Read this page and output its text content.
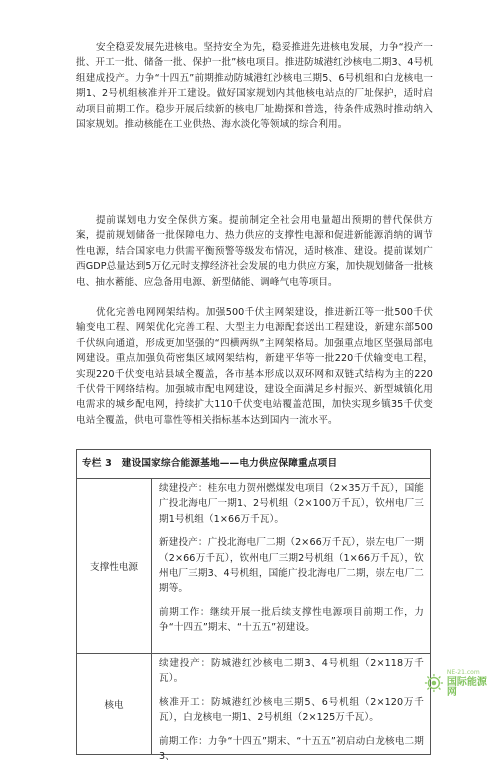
安全稳妥发展先进核电。坚持安全为先，稳妥推进先进核电发展，力争“投产一批、开工一批、储备一批、保护一批”核电项目。推进防城港红沙核电二期3、4号机组建成投产。力争“十四五”前期推动防城港红沙核电三期5、6号机组和白龙核电一期1、2号机组核准并开工建设。做好国家规划内其他核电站点的厂址保护，适时启动项目前期工作。稳步开展后续新的核电厂址勘探和普选，待条件成熟时推动纳入国家规划。推动核能在工业供热、海水淡化等领域的综合利用。

提前谋划电力安全保供方案。提前制定全社会用电量超出预期的替代保供方案，提前规划储备一批保障电力、热力供应的支撑性电源和促进新能源消纳的调节性电源，结合国家电力供需平衡预警等级发布情况，适时核准、建设。提前谋划广西GDP总量达到5万亿元时支撑经济社会发展的电力供应方案，加快规划储备一批核电、抽水蓄能、应急备用电源、新型储能、调峰气电等项目。

优化完善电网网架结构。加强500千伏主网架建设，推进新江等一批500千伏输变电工程、网架优化完善工程、大型主力电源配套送出工程建设，新建东部500千伏纵向通道，形成更加坚强的“四横两纵”主网架格局。加强重点地区坚强局部电网建设。重点加强负荷密集区域网架结构，新建平华等一批220千伏输变电工程，实现220千伏变电站县域全覆盖，各市基本形成以双环网和双链式结构为主的220千伏骨干网络结构。加强城市配电网建设，建设全面满足乡村振兴、新型城镇化用电需求的城乡配电网，持续扩大110千伏变电站覆盖范围，加快实现乡镇35千伏变电站全覆盖，供电可靠性等相关指标基本达到国内一流水平。

专栏 3　建设国家综合能源基地——电力供应保障重点项目
支撑性电源

续建投产：桂东电力贺州燃煤发电项目（2×35万千瓦），国能广投北海电厂一期1、2号机组（2×100万千瓦），钦州电厂三期1号机组（1×66万千瓦）。

新建投产：广投北海电厂二期（2×66万千瓦），崇左电厂一期（2×66万千瓦），钦州电厂三期2号机组（1×66万千瓦），钦州电厂三期3、4号机组，国能广投北海电厂二期，崇左电厂二期等。

前期工作：继续开展一批后续支撑性电源项目前期工作，力争“十四五”期末、“十五五”初建设。

核电

续建投产：防城港红沙核电二期3、4号机组（2×118万千瓦）。

核准开工：防城港红沙核电三期5、6号机组（2×120万千瓦），白龙核电一期1、2号机组（2×125万千瓦）。

前期工作：力争“十四五”期末、“十五五”初启动白龙核电二期3、

NE-21.com
国际能源网
